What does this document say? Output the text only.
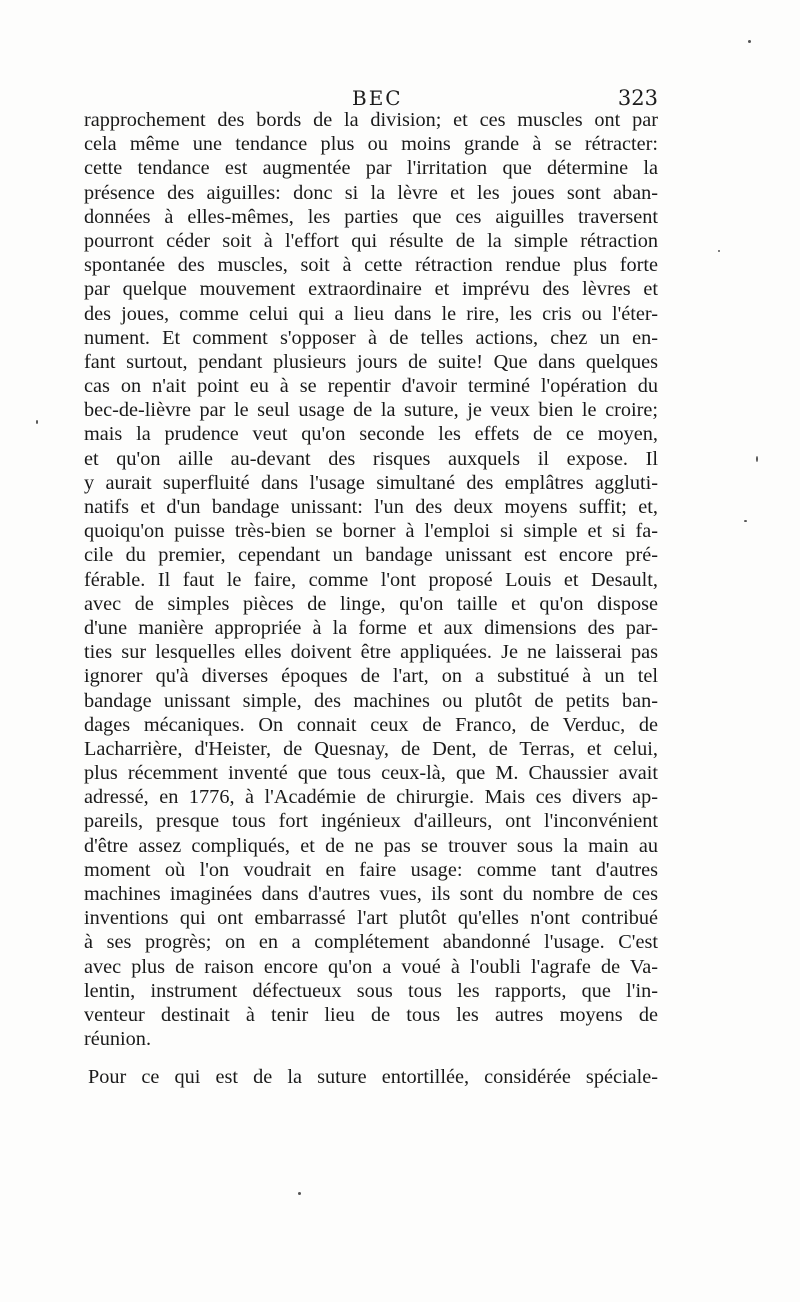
BEC	323
rapprochement des bords de la division; et ces muscles ont par
cela même une tendance plus ou moins grande à se rétracter:
cette tendance est augmentée par l'irritation que détermine la
présence des aiguilles: donc si la lèvre et les joues sont aban-
données à elles-mêmes, les parties que ces aiguilles traversent
pourront céder soit à l'effort qui résulte de la simple rétraction
spontanée des muscles, soit à cette rétraction rendue plus forte
par quelque mouvement extraordinaire et imprévu des lèvres et
des joues, comme celui qui a lieu dans le rire, les cris ou l'éter-
nument. Et comment s'opposer à de telles actions, chez un en-
fant surtout, pendant plusieurs jours de suite! Que dans quelques
cas on n'ait point eu à se repentir d'avoir terminé l'opération du
bec-de-lièvre par le seul usage de la suture, je veux bien le croire;
mais la prudence veut qu'on seconde les effets de ce moyen,
et qu'on aille au-devant des risques auxquels il expose. Il
y aurait superfluité dans l'usage simultané des emplâtres aggluti-
natifs et d'un bandage unissant: l'un des deux moyens suffit; et,
quoiqu'on puisse très-bien se borner à l'emploi si simple et si fa-
cile du premier, cependant un bandage unissant est encore pré-
férable. Il faut le faire, comme l'ont proposé Louis et Desault,
avec de simples pièces de linge, qu'on taille et qu'on dispose
d'une manière appropriée à la forme et aux dimensions des par-
ties sur lesquelles elles doivent être appliquées. Je ne laisserai pas
ignorer qu'à diverses époques de l'art, on a substitué à un tel
bandage unissant simple, des machines ou plutôt de petits ban-
dages mécaniques. On connait ceux de Franco, de Verduc, de
Lacharrière, d'Heister, de Quesnay, de Dent, de Terras, et celui,
plus récemment inventé que tous ceux-là, que M. Chaussier avait
adressé, en 1776, à l'Académie de chirurgie. Mais ces divers ap-
pareils, presque tous fort ingénieux d'ailleurs, ont l'inconvénient
d'être assez compliqués, et de ne pas se trouver sous la main au
moment où l'on voudrait en faire usage: comme tant d'autres
machines imaginées dans d'autres vues, ils sont du nombre de ces
inventions qui ont embarrassé l'art plutôt qu'elles n'ont contribué
à ses progrès; on en a complétement abandonné l'usage. C'est
avec plus de raison encore qu'on a voué à l'oubli l'agrafe de Va-
lentin, instrument défectueux sous tous les rapports, que l'in-
venteur destinait à tenir lieu de tous les autres moyens de
réunion.
Pour ce qui est de la suture entortillée, considérée spéciale-
